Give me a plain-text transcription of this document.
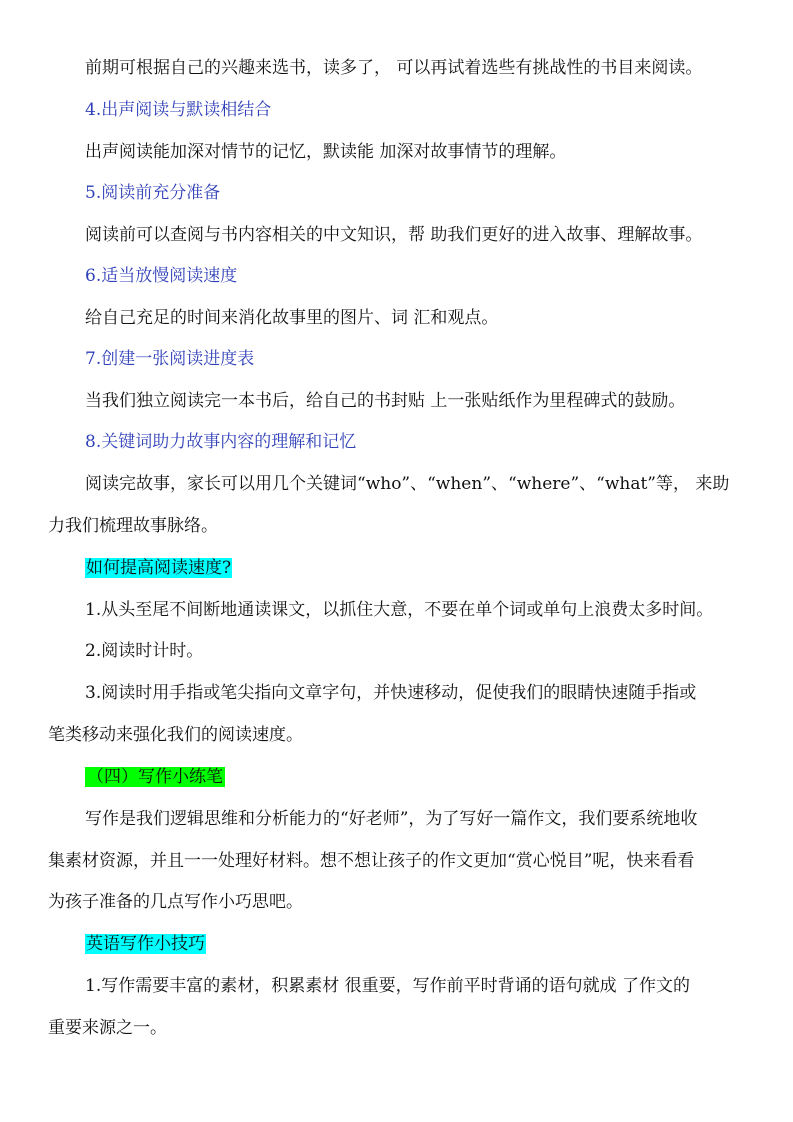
前期可根据自己的兴趣来选书，读多了， 可以再试着选些有挑战性的书目来阅读。
4.出声阅读与默读相结合
出声阅读能加深对情节的记忆，默读能 加深对故事情节的理解。
5.阅读前充分准备
阅读前可以查阅与书内容相关的中文知识，帮 助我们更好的进入故事、理解故事。
6.适当放慢阅读速度
给自己充足的时间来消化故事里的图片、词 汇和观点。
7.创建一张阅读进度表
当我们独立阅读完一本书后，给自己的书封贴 上一张贴纸作为里程碑式的鼓励。
8.关键词助力故事内容的理解和记忆
阅读完故事，家长可以用几个关键词“who”、“when”、“where”、“what”等， 来助
力我们梳理故事脉络。
如何提高阅读速度?
1.从头至尾不间断地通读课文，以抓住大意，不要在单个词或单句上浪费太多时间。
2.阅读时计时。
3.阅读时用手指或笔尖指向文章字句，并快速移动，促使我们的眼睛快速随手指或
笔类移动来强化我们的阅读速度。
（四）写作小练笔
写作是我们逻辑思维和分析能力的“好老师”，为了写好一篇作文，我们要系统地收
集素材资源，并且一一处理好材料。想不想让孩子的作文更加“赏心悦目”呢，快来看看
为孩子准备的几点写作小巧思吧。
英语写作小技巧
1.写作需要丰富的素材，积累素材 很重要，写作前平时背诵的语句就成 了作文的
重要来源之一。
